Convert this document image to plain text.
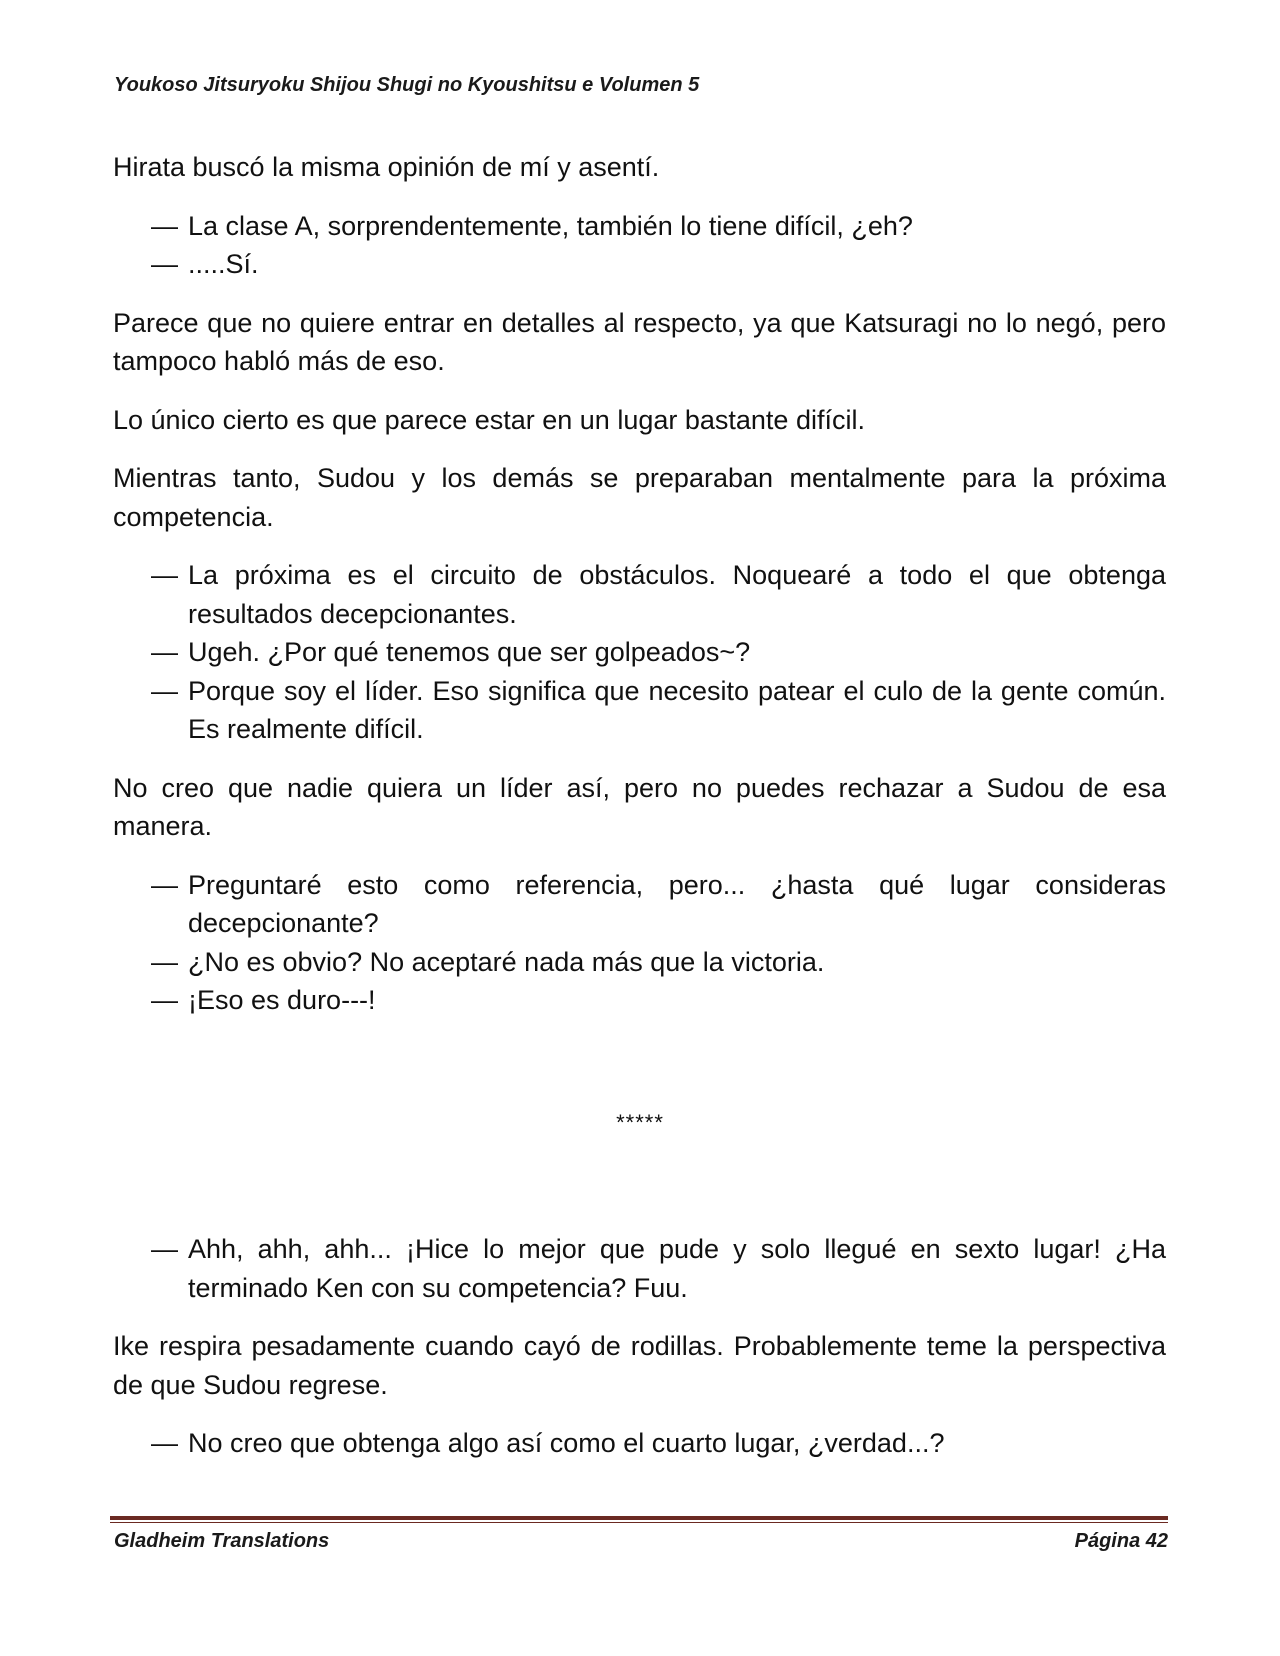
Youkoso Jitsuryoku Shijou Shugi no Kyoushitsu e Volumen 5

Hirata buscó la misma opinión de mí y asentí.

— La clase A, sorprendentemente, también lo tiene difícil, ¿eh?
— .....Sí.

Parece que no quiere entrar en detalles al respecto, ya que Katsuragi no lo negó, pero tampoco habló más de eso.

Lo único cierto es que parece estar en un lugar bastante difícil.

Mientras tanto, Sudou y los demás se preparaban mentalmente para la próxima competencia.

— La próxima es el circuito de obstáculos. Noquearé a todo el que obtenga resultados decepcionantes.
— Ugeh. ¿Por qué tenemos que ser golpeados~?
— Porque soy el líder. Eso significa que necesito patear el culo de la gente común. Es realmente difícil.

No creo que nadie quiera un líder así, pero no puedes rechazar a Sudou de esa manera.

— Preguntaré esto como referencia, pero... ¿hasta qué lugar consideras decepcionante?
— ¿No es obvio? No aceptaré nada más que la victoria.
— ¡Eso es duro---!
*****
— Ahh, ahh, ahh... ¡Hice lo mejor que pude y solo llegué en sexto lugar! ¿Ha terminado Ken con su competencia? Fuu.

Ike respira pesadamente cuando cayó de rodillas. Probablemente teme la perspectiva de que Sudou regrese.

— No creo que obtenga algo así como el cuarto lugar, ¿verdad...?
Gladheim Translations	Página 42
